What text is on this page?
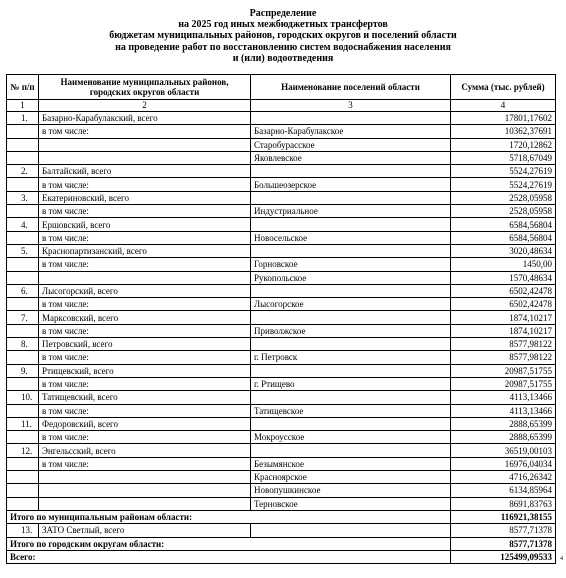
Распределение
на 2025 год иных межбюджетных трансфертов
бюджетам муниципальных районов, городских округов и поселений области
на проведение работ по восстановлению систем водоснабжения населения
и (или) водоотведения
№ п/п	Наименование муниципальных районов, городских округов области	Наименование поселений области	Сумма (тыс. рублей)
1	2	3	4
1.	Базарно-Карабулакский, всего		17801,17602
	в том числе:	Базарно-Карабулакское	10362,37691
		Старобурасское	1720,12862
		Яковлевское	5718,67049
2.	Балтайский, всего		5524,27619
	в том числе:	Большеозерское	5524,27619
3.	Екатериновский, всего		2528,05958
	в том числе:	Индустриальное	2528,05958
4.	Ершовский, всего		6584,56804
	в том числе:	Новосельское	6584,56804
5.	Краснопартизанский, всего		3020,48634
	в том числе:	Горновское	1450,00
		Рукопольское	1570,48634
6.	Лысогорский, всего		6502,42478
	в том числе:	Лысогорское	6502,42478
7.	Марксовский, всего		1874,10217
	в том числе:	Приволжское	1874,10217
8.	Петровский, всего		8577,98122
	в том числе:	г. Петровск	8577,98122
9.	Ртищевский, всего		20987,51755
	в том числе:	г. Ртищево	20987,51755
10.	Татищевский, всего		4113,13466
	в том числе:	Татищевское	4113,13466
11.	Федоровский, всего		2888,65399
	в том числе:	Мокроусское	2888,65399
12.	Энгельсский, всего		36519,00103
	в том числе:	Безымянское	16976,04034
		Красноярское	4716,26342
		Новопушкинское	6134,85964
		Терновское	8691,83763
Итого по муниципальным районам области:			116921,38155
13.	ЗАТО Светлый, всего		8577,71378
Итого по городским округам области:			8577,71378
Всего:			125499,09533 4
